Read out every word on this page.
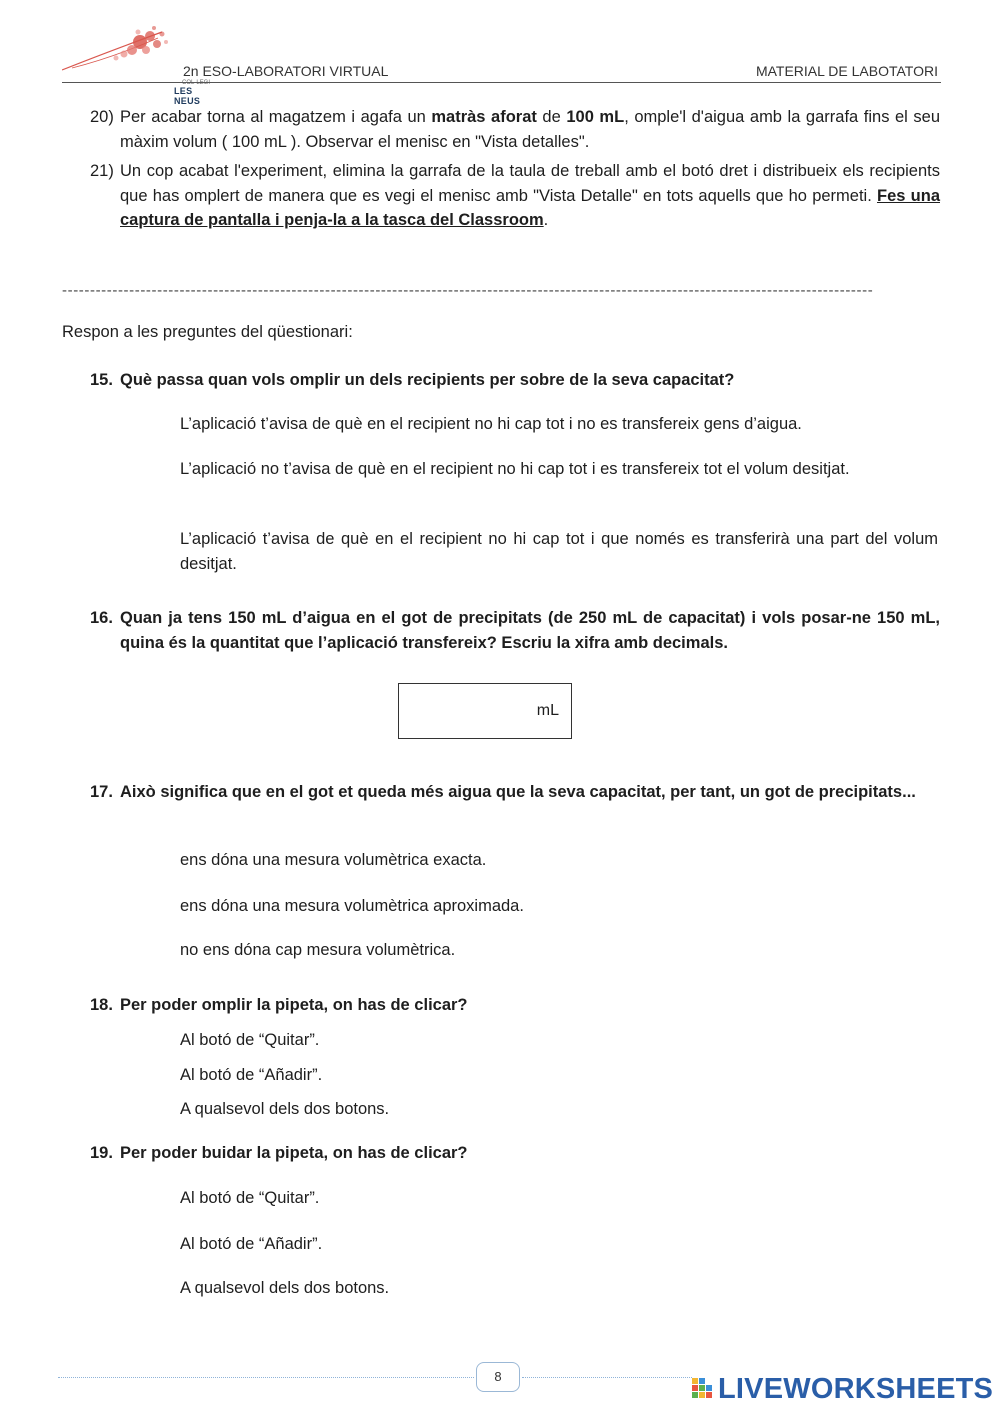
COL·LEGI
LES NEUS
2n ESO-LABORATORI VIRTUAL	MATERIAL DE LABOTATORI
20) Per acabar torna al magatzem i agafa un matràs aforat de 100 mL, omple'l d'aigua amb la garrafa fins el seu màxim volum ( 100 mL ). Observar el menisc en "Vista detalles".
21) Un cop acabat l'experiment, elimina la garrafa de la taula de treball amb el botó dret i distribueix els recipients que has omplert de manera que es vegi el menisc amb "Vista Detalle" en tots aquells que ho permeti. Fes una captura de pantalla i penja-la a la tasca del Classroom.
-------------------------------------------------------------------------------------------------------------------------------------------------
Respon a les preguntes del qüestionari:
15. Què passa quan vols omplir un dels recipients per sobre de la seva capacitat?
L’aplicació t’avisa de què en el recipient no hi cap tot i no es transfereix gens d’aigua.
L’aplicació no t’avisa de què en el recipient no hi cap tot i es transfereix tot el volum desitjat.
L’aplicació t’avisa de què en el recipient no hi cap tot i que només es transferirà una part del volum desitjat.
16. Quan ja tens 150 mL d’aigua en el got de precipitats (de 250 mL de capacitat) i vols posar-ne 150 mL, quina és la quantitat que l’aplicació transfereix? Escriu la xifra amb decimals.
mL
17. Això significa que en el got et queda més aigua que la seva capacitat, per tant, un got de precipitats...
ens dóna una mesura volumètrica exacta.
ens dóna una mesura volumètrica aproximada.
no ens dóna cap mesura volumètrica.
18. Per poder omplir la pipeta, on has de clicar?
Al botó de “Quitar”.
Al botó de “Añadir”.
A qualsevol dels dos botons.
19. Per poder buidar la pipeta, on has de clicar?
Al botó de “Quitar”.
Al botó de “Añadir”.
A qualsevol dels dos botons.
8	LIVEWORKSHEETS
